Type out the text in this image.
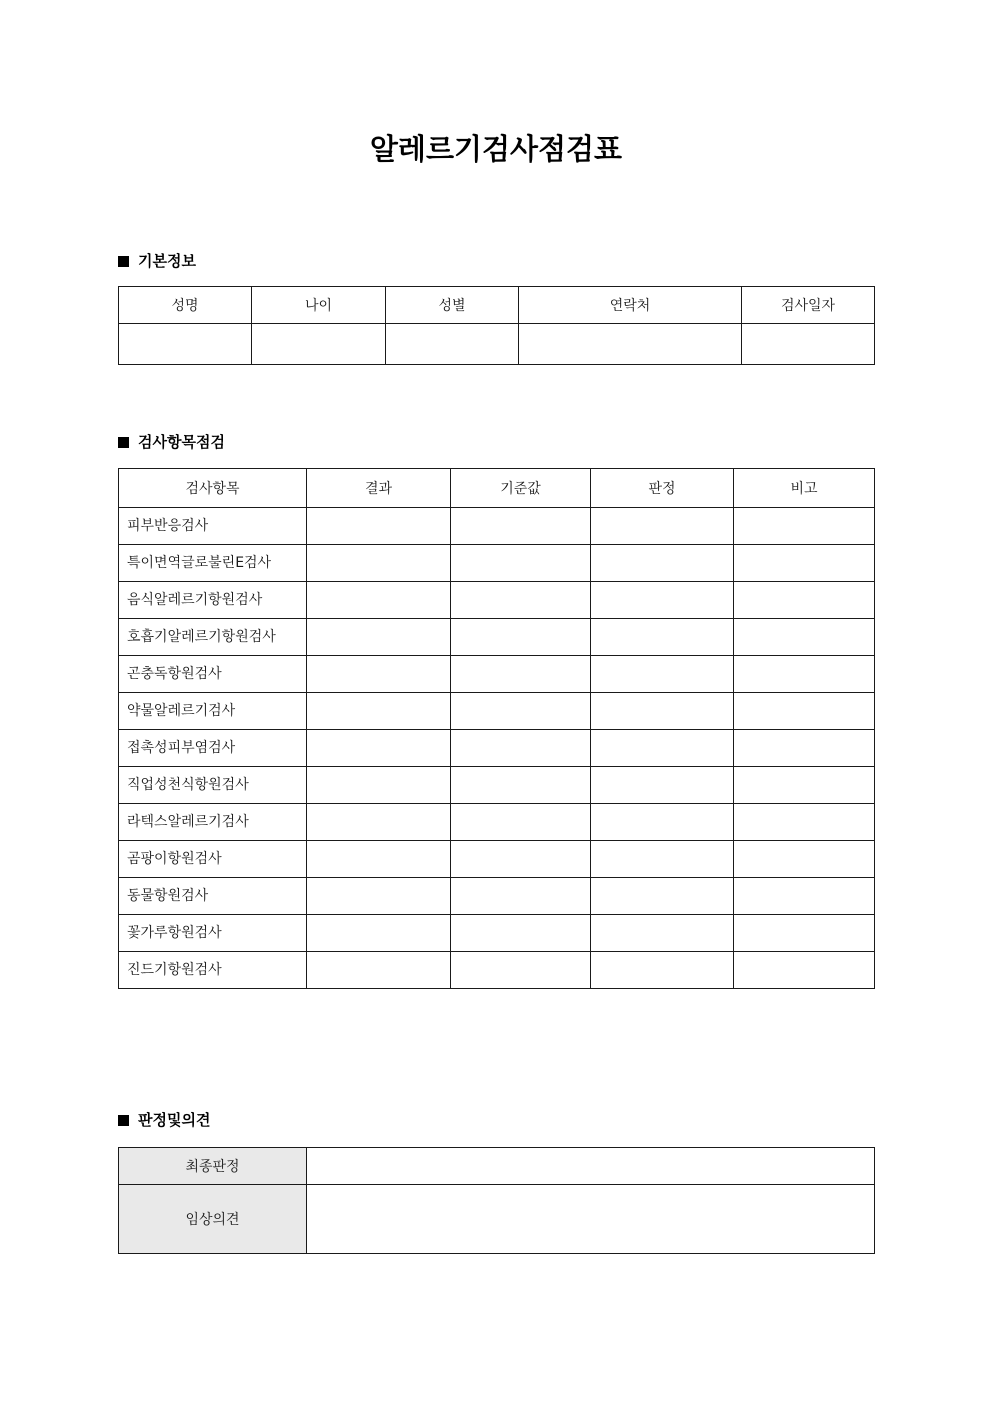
알레르기검사점검표
기본정보
성명	나이	성별	연락처	검사일자

검사항목점검
검사항목	결과	기준값	판정	비고
피부반응검사				
특이면역글로불린E검사				
음식알레르기항원검사				
호흡기알레르기항원검사				
곤충독항원검사				
약물알레르기검사				
접촉성피부염검사				
직업성천식항원검사				
라텍스알레르기검사				
곰팡이항원검사				
동물항원검사				
꽃가루항원검사				
진드기항원검사				
판정및의견
최종판정	
임상의견	
